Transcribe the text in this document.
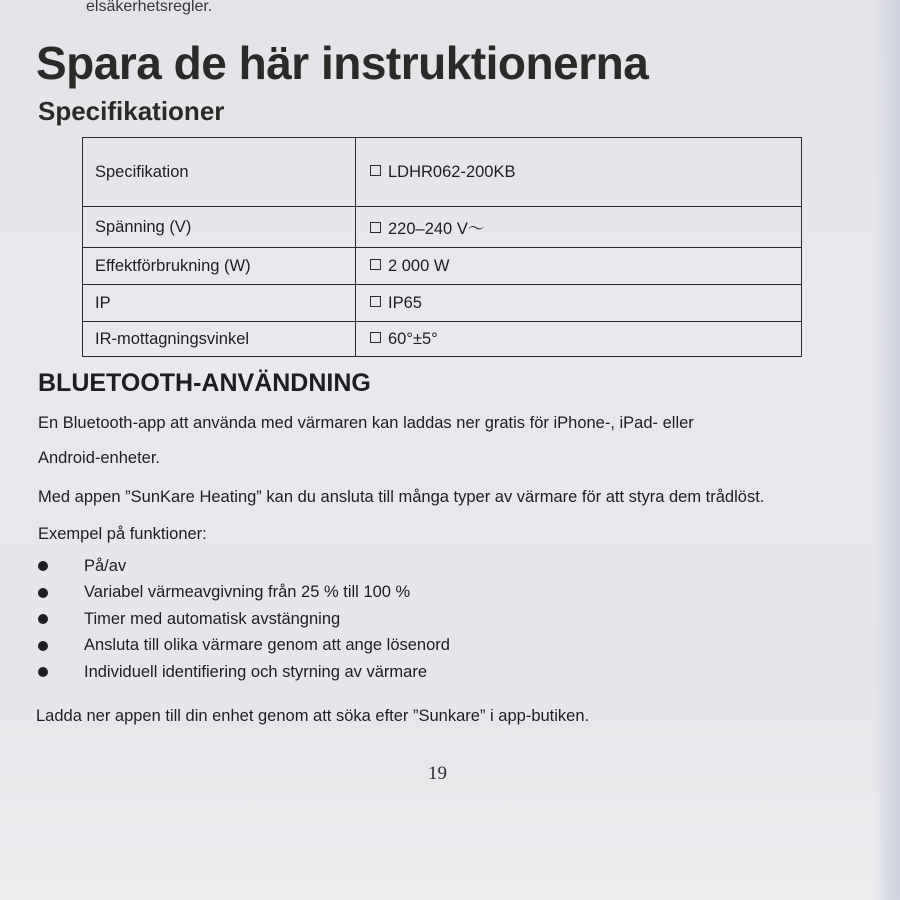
elsäkerhetsregler.

Spara de här instruktionerna
Specifikationer
Specifikation	LDHR062-200KB
Spänning (V)	220–240 V～
Effektförbrukning (W)	2 000 W
IP	IP65
IR-mottagningsvinkel	60°±5°
BLUETOOTH-ANVÄNDNING

En Bluetooth-app att använda med värmaren kan laddas ner gratis för iPhone-, iPad- eller

Android-enheter.

Med appen ”SunKare Heating” kan du ansluta till många typer av värmare för att styra dem trådlöst.

Exempel på funktioner:

På/av
Variabel värmeavgivning från 25 % till 100 %
Timer med automatisk avstängning
Ansluta till olika värmare genom att ange lösenord
Individuell identifiering och styrning av värmare

Ladda ner appen till din enhet genom att söka efter ”Sunkare” i app-butiken.

19
